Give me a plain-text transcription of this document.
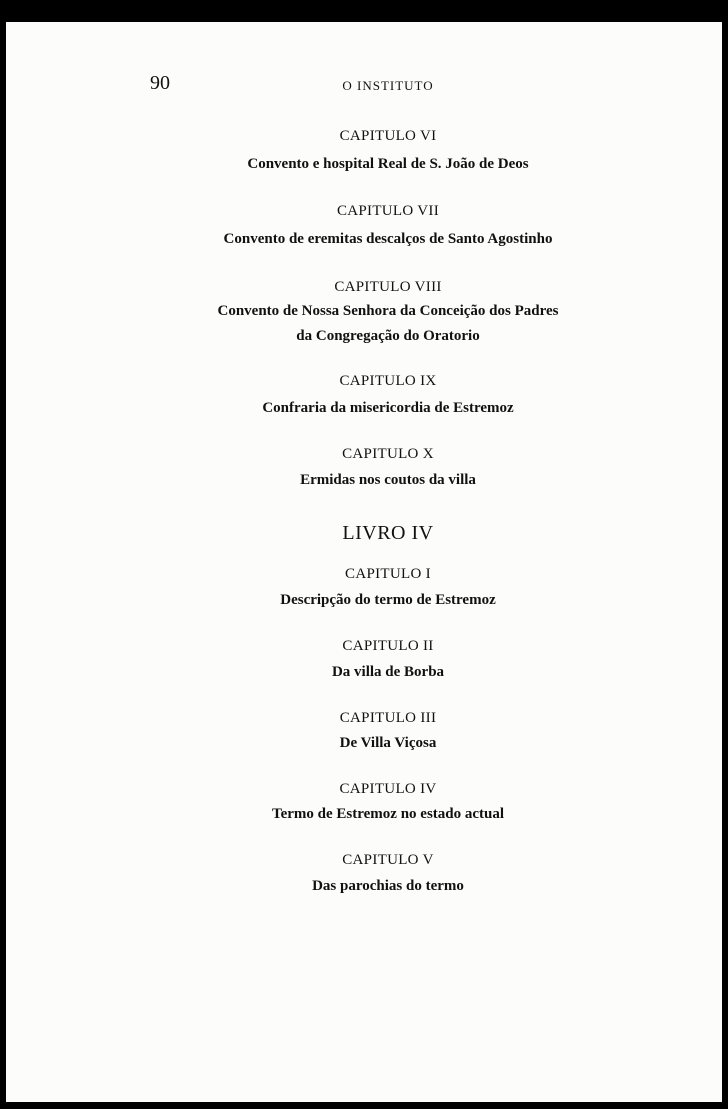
90	O INSTITUTO
CAPITULO VI
Convento e hospital Real de S. João de Deos
CAPITULO VII
Convento de eremitas descalços de Santo Agostinho
CAPITULO VIII
Convento de Nossa Senhora da Conceição dos Padres
da Congregação do Oratorio
CAPITULO IX
Confraria da misericordia de Estremoz
CAPITULO X
Ermidas nos coutos da villa
LIVRO IV
CAPITULO I
Descripção do termo de Estremoz
CAPITULO II
Da villa de Borba
CAPITULO III
De Villa Viçosa
CAPITULO IV
Termo de Estremoz no estado actual
CAPITULO V
Das parochias do termo
